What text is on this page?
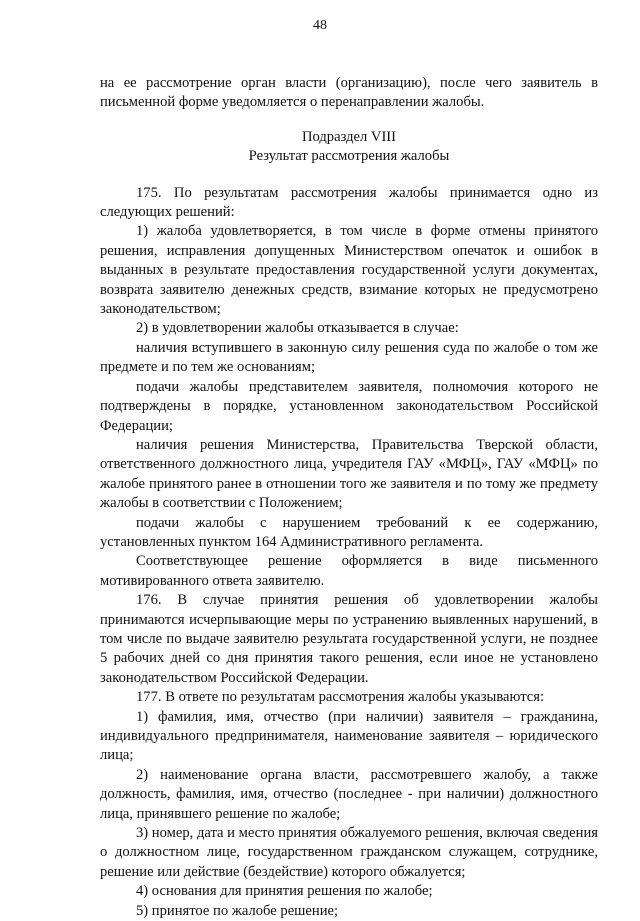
48

на ее рассмотрение орган власти (организацию), после чего заявитель в письменной форме уведомляется о перенаправлении жалобы.

Подраздел VIII

Результат рассмотрения жалобы

175. По результатам рассмотрения жалобы принимается одно из следующих решений:

1) жалоба удовлетворяется, в том числе в форме отмены принятого решения, исправления допущенных Министерством опечаток и ошибок в выданных в результате предоставления государственной услуги документах, возврата заявителю денежных средств, взимание которых не предусмотрено законодательством;

2) в удовлетворении жалобы отказывается в случае:

наличия вступившего в законную силу решения суда по жалобе о том же предмете и по тем же основаниям;

подачи жалобы представителем заявителя, полномочия которого не подтверждены в порядке, установленном законодательством Российской Федерации;

наличия решения Министерства, Правительства Тверской области, ответственного должностного лица, учредителя ГАУ «МФЦ», ГАУ «МФЦ» по жалобе принятого ранее в отношении того же заявителя и по тому же предмету жалобы в соответствии с Положением;

подачи жалобы с нарушением требований к ее содержанию, установленных пунктом 164 Административного регламента.

Соответствующее решение оформляется в виде письменного мотивированного ответа заявителю.

176. В случае принятия решения об удовлетворении жалобы принимаются исчерпывающие меры по устранению выявленных нарушений, в том числе по выдаче заявителю результата государственной услуги, не позднее 5 рабочих дней со дня принятия такого решения, если иное не установлено законодательством Российской Федерации.

177. В ответе по результатам рассмотрения жалобы указываются:

1) фамилия, имя, отчество (при наличии) заявителя – гражданина, индивидуального предпринимателя, наименование заявителя – юридического лица;

2) наименование органа власти, рассмотревшего жалобу, а также должность, фамилия, имя, отчество (последнее - при наличии) должностного лица, принявшего решение по жалобе;

3) номер, дата и место принятия обжалуемого решения, включая сведения о должностном лице, государственном гражданском служащем, сотруднике, решение или действие (бездействие) которого обжалуется;

4) основания для принятия решения по жалобе;

5) принятое по жалобе решение;
